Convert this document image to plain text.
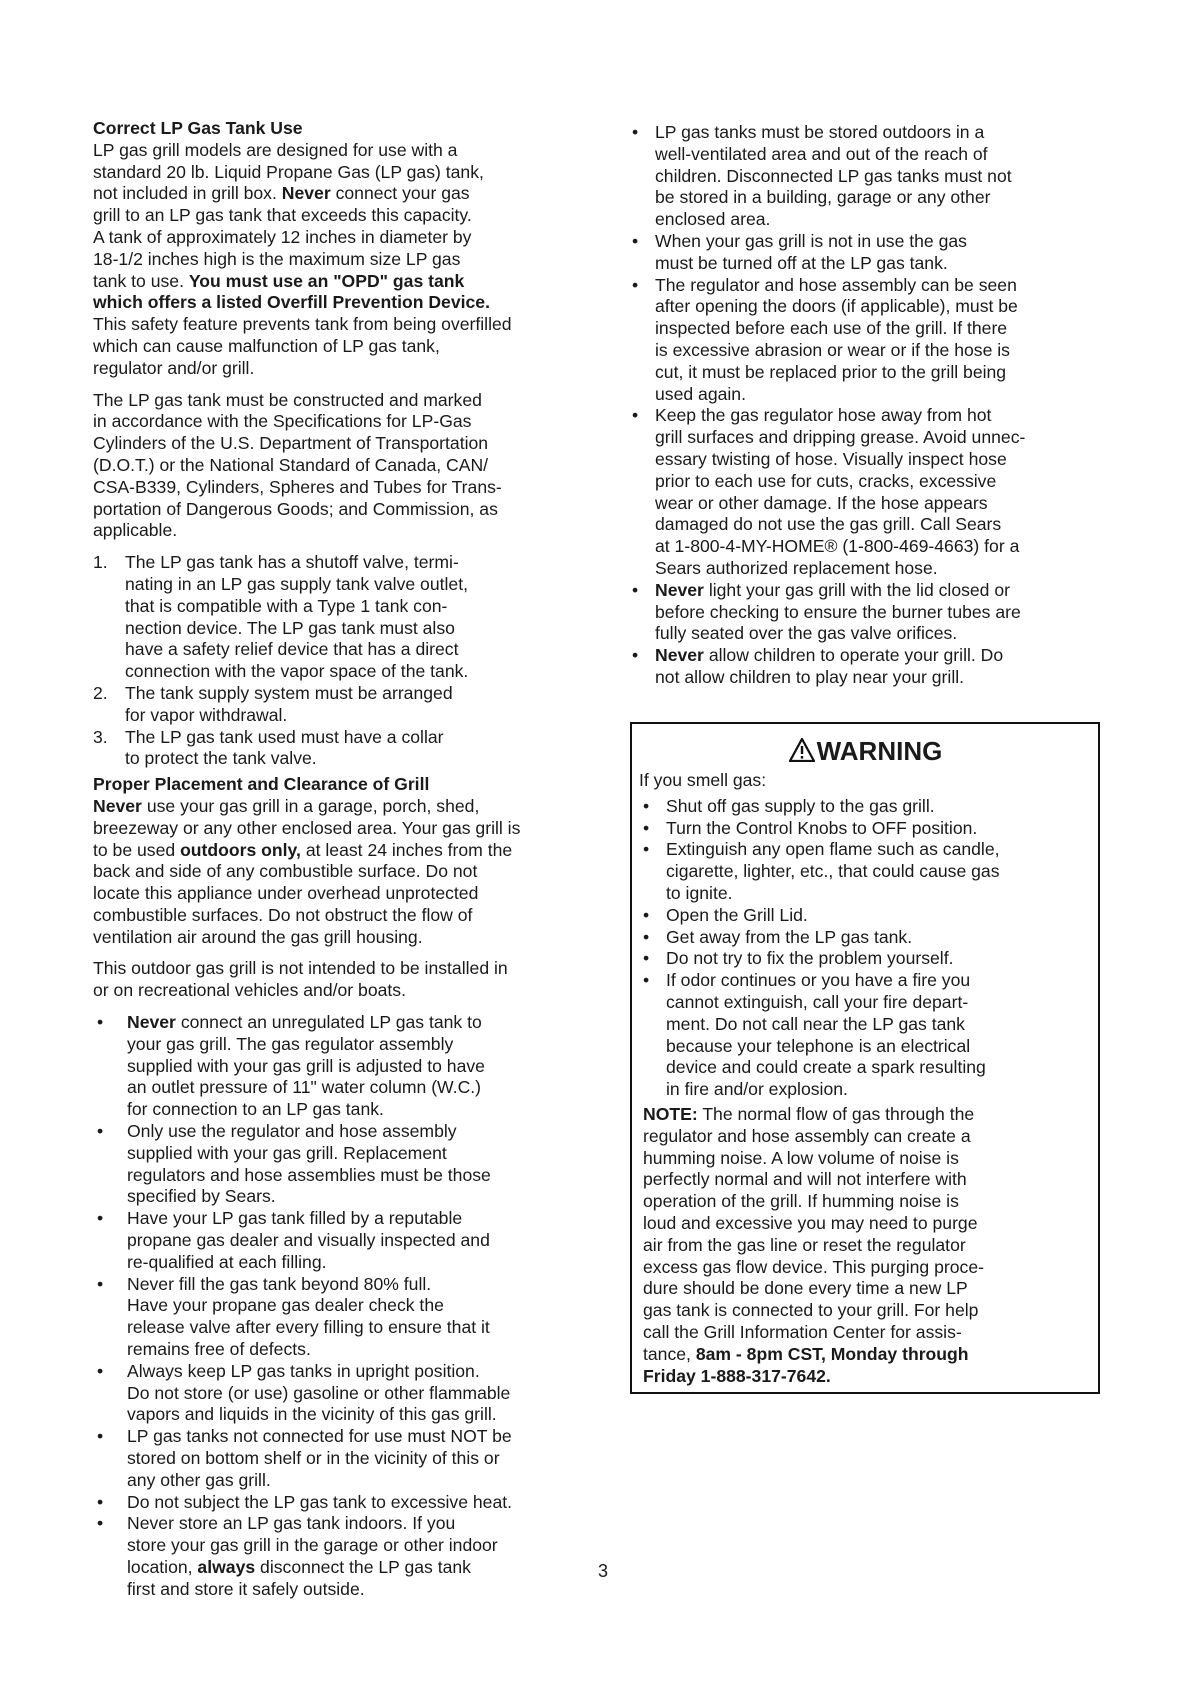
Correct LP Gas Tank Use

LP gas grill models are designed for use with a
standard 20 lb. Liquid Propane Gas (LP gas) tank,
not included in grill box. Never connect your gas
grill to an LP gas tank that exceeds this capacity.
A tank of approximately 12 inches in diameter by
18-1/2 inches high is the maximum size LP gas
tank to use. You must use an "OPD" gas tank
which offers a listed Overfill Prevention Device.
This safety feature prevents tank from being overfilled
which can cause malfunction of LP gas tank,
regulator and/or grill.
The LP gas tank must be constructed and marked
in accordance with the Specifications for LP-Gas
Cylinders of the U.S. Department of Transportation
(D.O.T.) or the National Standard of Canada, CAN/
CSA-B339, Cylinders, Spheres and Tubes for Trans-
portation of Dangerous Goods; and Commission, as
applicable.
1. The LP gas tank has a shutoff valve, termi-
nating in an LP gas supply tank valve outlet,
that is compatible with a Type 1 tank con-
nection device. The LP gas tank must also
have a safety relief device that has a direct
connection with the vapor space of the tank.
2. The tank supply system must be arranged
for vapor withdrawal.
3. The LP gas tank used must have a collar
to protect the tank valve.

Proper Placement and Clearance of Grill

Never use your gas grill in a garage, porch, shed,
breezeway or any other enclosed area. Your gas grill is
to be used outdoors only, at least 24 inches from the
back and side of any combustible surface. Do not
locate this appliance under overhead unprotected
combustible surfaces. Do not obstruct the flow of
ventilation air around the gas grill housing.
This outdoor gas grill is not intended to be installed in
or on recreational vehicles and/or boats.
• Never connect an unregulated LP gas tank to
your gas grill. The gas regulator assembly
supplied with your gas grill is adjusted to have
an outlet pressure of 11" water column (W.C.)
for connection to an LP gas tank.
• Only use the regulator and hose assembly
supplied with your gas grill. Replacement
regulators and hose assemblies must be those
specified by Sears.
• Have your LP gas tank filled by a reputable
propane gas dealer and visually inspected and
re-qualified at each filling.
• Never fill the gas tank beyond 80% full.
Have your propane gas dealer check the
release valve after every filling to ensure that it
remains free of defects.
• Always keep LP gas tanks in upright position.
Do not store (or use) gasoline or other flammable
vapors and liquids in the vicinity of this gas grill.
• LP gas tanks not connected for use must NOT be
stored on bottom shelf or in the vicinity of this or
any other gas grill.
• Do not subject the LP gas tank to excessive heat.
• Never store an LP gas tank indoors. If you
store your gas grill in the garage or other indoor
location, always disconnect the LP gas tank
first and store it safely outside.
• LP gas tanks must be stored outdoors in a
well-ventilated area and out of the reach of
children. Disconnected LP gas tanks must not
be stored in a building, garage or any other
enclosed area.
• When your gas grill is not in use the gas
must be turned off at the LP gas tank.
• The regulator and hose assembly can be seen
after opening the doors (if applicable), must be
inspected before each use of the grill. If there
is excessive abrasion or wear or if the hose is
cut, it must be replaced prior to the grill being
used again.
• Keep the gas regulator hose away from hot
grill surfaces and dripping grease. Avoid unnec-
essary twisting of hose. Visually inspect hose
prior to each use for cuts, cracks, excessive
wear or other damage. If the hose appears
damaged do not use the gas grill. Call Sears
at 1-800-4-MY-HOME® (1-800-469-4663) for a
Sears authorized replacement hose.
• Never light your gas grill with the lid closed or
before checking to ensure the burner tubes are
fully seated over the gas valve orifices.
• Never allow children to operate your grill. Do
not allow children to play near your grill.
WARNING
If you smell gas:
• Shut off gas supply to the gas grill.
• Turn the Control Knobs to OFF position.
• Extinguish any open flame such as candle,
cigarette, lighter, etc., that could cause gas
to ignite.
• Open the Grill Lid.
• Get away from the LP gas tank.
• Do not try to fix the problem yourself.
• If odor continues or you have a fire you
cannot extinguish, call your fire depart-
ment. Do not call near the LP gas tank
because your telephone is an electrical
device and could create a spark resulting
in fire and/or explosion.
NOTE: The normal flow of gas through the
regulator and hose assembly can create a
humming noise. A low volume of noise is
perfectly normal and will not interfere with
operation of the grill. If humming noise is
loud and excessive you may need to purge
air from the gas line or reset the regulator
excess gas flow device. This purging proce-
dure should be done every time a new LP
gas tank is connected to your grill. For help
call the Grill Information Center for assis-
tance, 8am - 8pm CST, Monday through
Friday 1-888-317-7642.
3
